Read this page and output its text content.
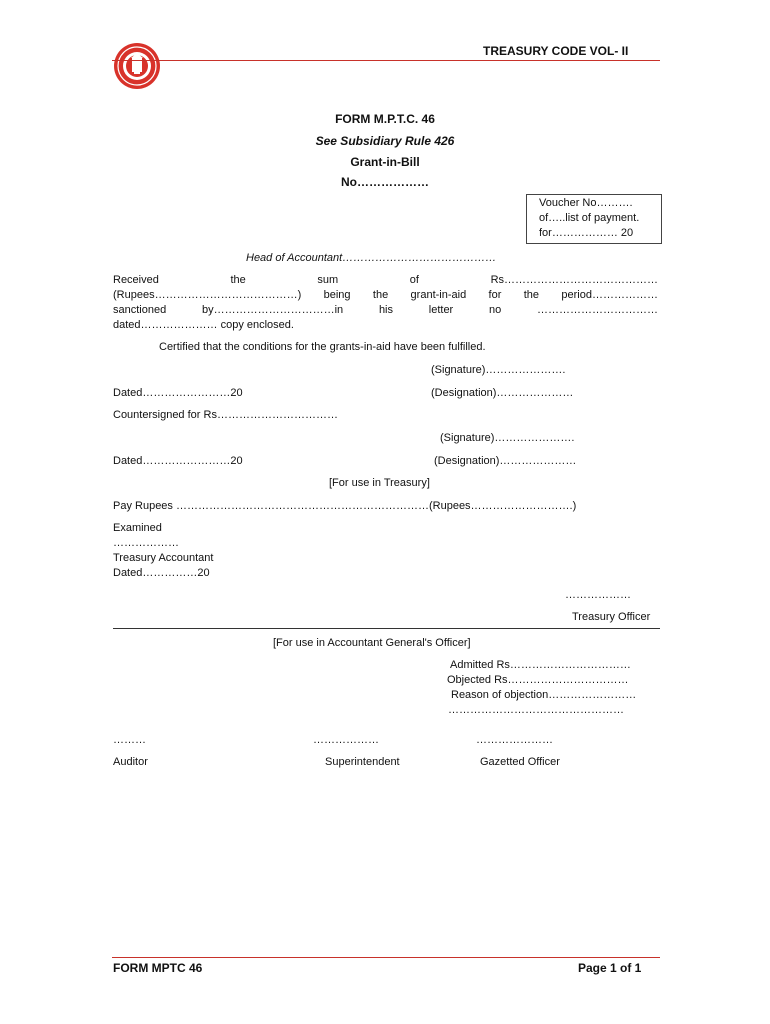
TREASURY CODE VOL- II
FORM M.P.T.C. 46
See Subsidiary Rule 426
Grant-in-Bill
No………………
Voucher No……….
of…..list of payment.
for……………… 20
Head of Accountant……………………………………
Received	the	sum	of	Rs……………………………………
(Rupees…………………………………) being the grant-in-aid for the period………………
sanctioned	by……………………………in	his	letter	no	……………………………
dated………………… copy enclosed.
Certified that the conditions for the grants-in-aid have been fulfilled.
(Signature)………………….
Dated……………………20	(Designation)…………………
Countersigned for Rs……………………………
(Signature)………………….
Dated……………………20	(Designation)…………………
[For use in Treasury]
Pay Rupees ……………………………………………………………(Rupees……………………….)
Examined
………………
Treasury Accountant
Dated……………20
………………
Treasury Officer
[For use in Accountant General's Officer]
Admitted Rs……………………………
Objected Rs……………………………
Reason of objection……………………
…………………………………………
………	………………	…………………
Auditor	Superintendent	Gazetted Officer
FORM MPTC 46	Page 1 of 1
